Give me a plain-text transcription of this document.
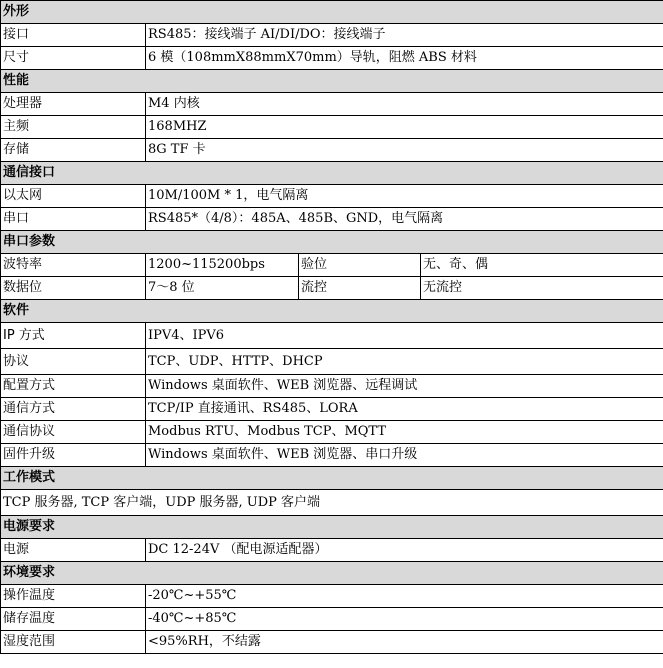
外形			
接口	RS485：接线端子 AI/DI/DO：接线端子		
尺寸	6 模（108mmX88mmX70mm）导轨，阻燃 ABS 材料		
性能			
处理器	M4 内核		
主频	168MHZ		
存储	8G TF 卡		
通信接口			
以太网	10M/100M * 1，电气隔离		
串口	RS485*（4/8）：485A、485B、GND，电气隔离		
串口参数			
波特率	1200~115200bps	验位	无、奇、偶
数据位	7～8 位	流控	无流控
软件			
IP 方式	IPV4、IPV6		
协议	TCP、UDP、HTTP、DHCP		
配置方式	Windows 桌面软件、WEB 浏览器、远程调试		
通信方式	TCP/IP 直接通讯、RS485、LORA		
通信协议	Modbus RTU、Modbus TCP、MQTT		
固件升级	Windows 桌面软件、WEB 浏览器、串口升级		
工作模式			
TCP 服务器, TCP 客户端，UDP 服务器, UDP 客户端			
电源要求			
电源	DC 12-24V （配电源适配器）		
环境要求			
操作温度	-20℃~+55℃		
储存温度	-40℃~+85℃		
湿度范围	<95%RH，不结露		
